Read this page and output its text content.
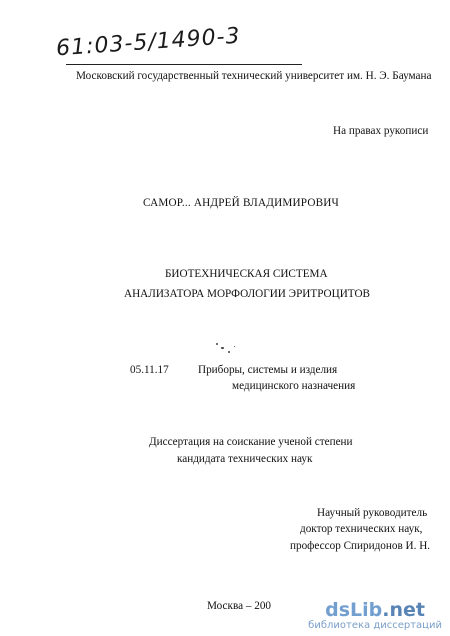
61:03-5/1490-3
Московский государственный технический университет им. Н. Э. Баумана
На правах рукописи
САМОР... АНДРЕЙ ВЛАДИМИРОВИЧ
БИОТЕХНИЧЕСКАЯ СИСТЕМА
АНАЛИЗАТОРА МОРФОЛОГИИ ЭРИТРОЦИТОВ
05.11.17	Приборы, системы и изделия
медицинского назначения
Диссертация на соискание ученой степени
кандидата технических наук
Научный руководитель
доктор технических наук,
профессор Спиридонов И. Н.
Москва – 200	dsLib.net
библиотека диссертаций
